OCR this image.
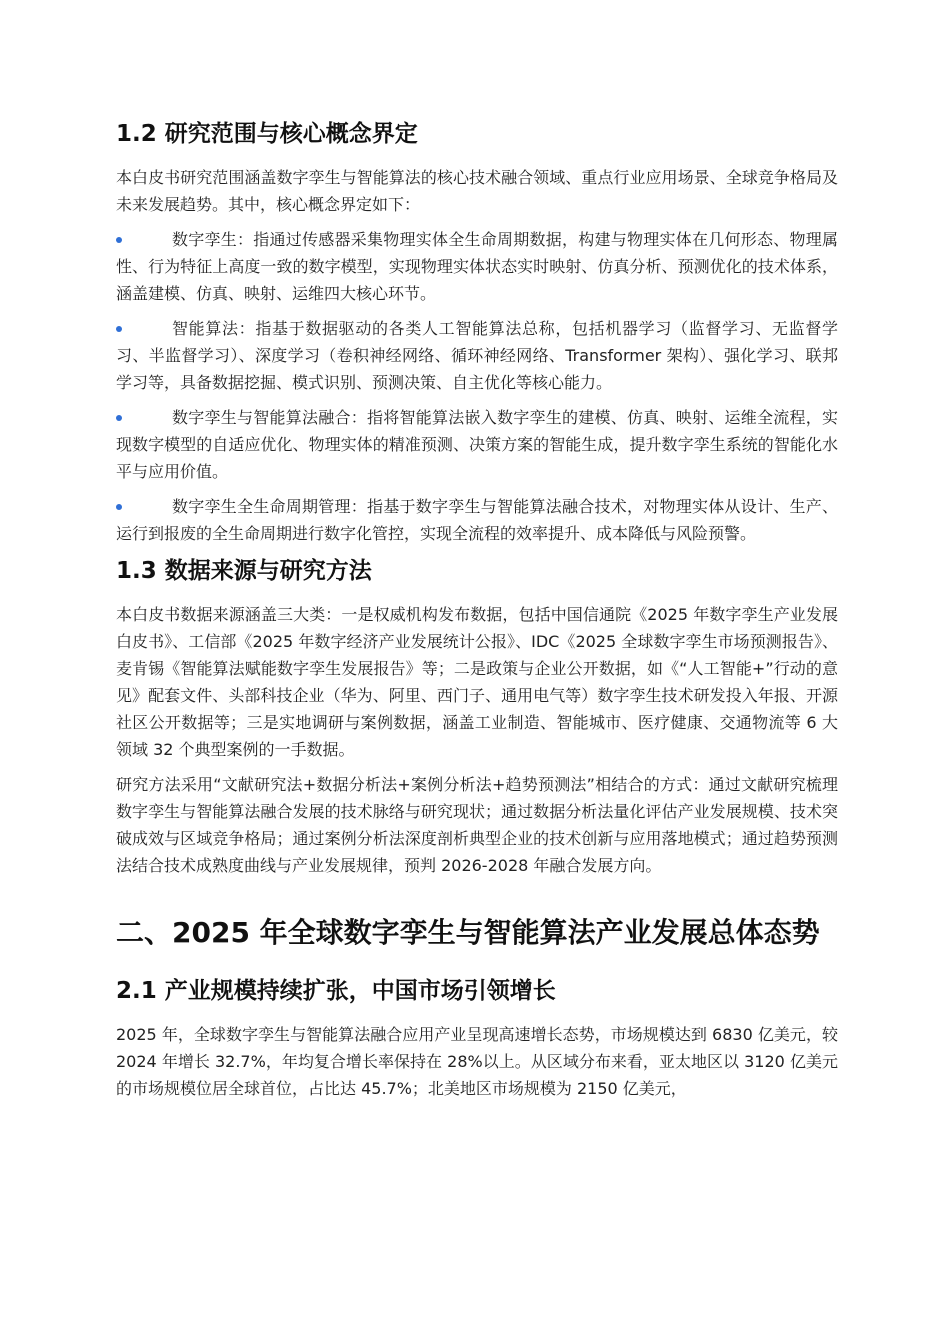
1.2 研究范围与核心概念界定

本白皮书研究范围涵盖数字孪生与智能算法的核心技术融合领域、重点行业应用场景、全球竞争格局及未来发展趋势。其中，核心概念界定如下：

数字孪生：指通过传感器采集物理实体全生命周期数据，构建与物理实体在几何形态、物理属性、行为特征上高度一致的数字模型，实现物理实体状态实时映射、仿真分析、预测优化的技术体系，涵盖建模、仿真、映射、运维四大核心环节。
智能算法：指基于数据驱动的各类人工智能算法总称，包括机器学习（监督学习、无监督学习、半监督学习）、深度学习（卷积神经网络、循环神经网络、Transformer 架构）、强化学习、联邦学习等，具备数据挖掘、模式识别、预测决策、自主优化等核心能力。
数字孪生与智能算法融合：指将智能算法嵌入数字孪生的建模、仿真、映射、运维全流程，实现数字模型的自适应优化、物理实体的精准预测、决策方案的智能生成，提升数字孪生系统的智能化水平与应用价值。
数字孪生全生命周期管理：指基于数字孪生与智能算法融合技术，对物理实体从设计、生产、运行到报废的全生命周期进行数字化管控，实现全流程的效率提升、成本降低与风险预警。
1.3 数据来源与研究方法

本白皮书数据来源涵盖三大类：一是权威机构发布数据，包括中国信通院《2025 年数字孪生产业发展白皮书》、工信部《2025 年数字经济产业发展统计公报》、IDC《2025 全球数字孪生市场预测报告》、麦肯锡《智能算法赋能数字孪生发展报告》等；二是政策与企业公开数据，如《“人工智能+”行动的意见》配套文件、头部科技企业（华为、阿里、西门子、通用电气等）数字孪生技术研发投入年报、开源社区公开数据等；三是实地调研与案例数据，涵盖工业制造、智能城市、医疗健康、交通物流等 6 大领域 32 个典型案例的一手数据。

研究方法采用“文献研究法+数据分析法+案例分析法+趋势预测法”相结合的方式：通过文献研究梳理数字孪生与智能算法融合发展的技术脉络与研究现状；通过数据分析法量化评估产业发展规模、技术突破成效与区域竞争格局；通过案例分析法深度剖析典型企业的技术创新与应用落地模式；通过趋势预测法结合技术成熟度曲线与产业发展规律，预判 2026-2028 年融合发展方向。

二、2025 年全球数字孪生与智能算法产业发展总体态势
2.1 产业规模持续扩张，中国市场引领增长

2025 年，全球数字孪生与智能算法融合应用产业呈现高速增长态势，市场规模达到 6830 亿美元，较 2024 年增长 32.7%，年均复合增长率保持在 28%以上。从区域分布来看，亚太地区以 3120 亿美元的市场规模位居全球首位，占比达 45.7%；北美地区市场规模为 2150 亿美元，
